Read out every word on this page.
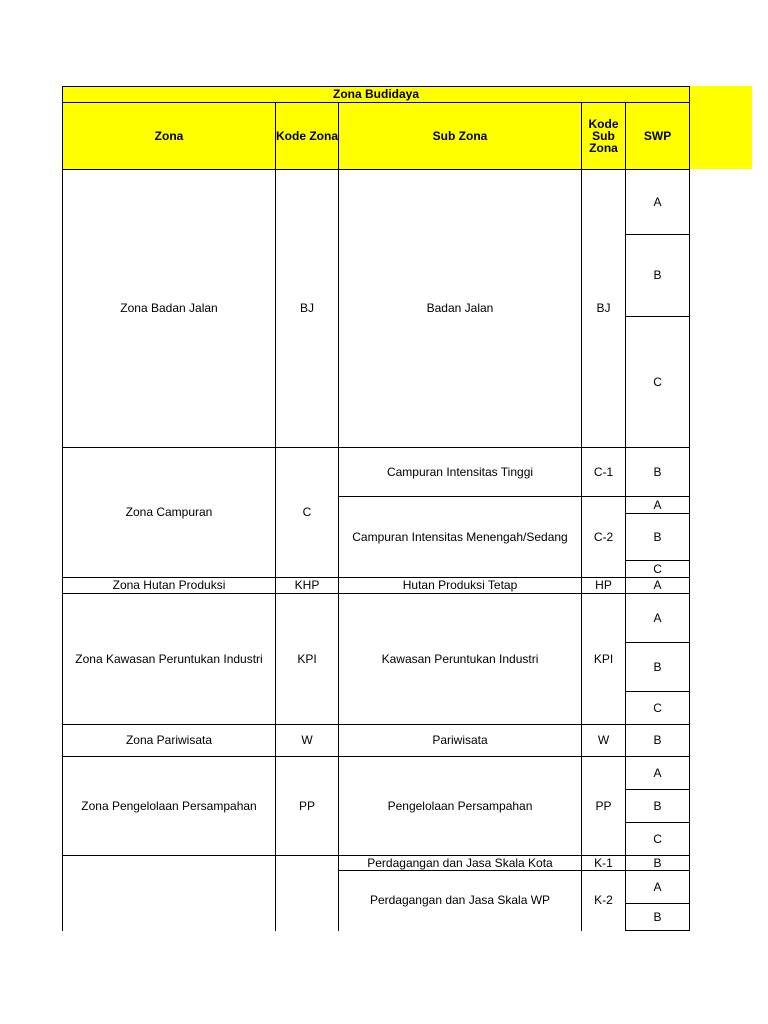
Zona Budidaya				
Zona	Kode Zona	Sub Zona	Kode Sub Zona	SWP
Zona Badan Jalan	BJ	Badan Jalan	BJ	A
				B
				C
Zona Campuran	C	Campuran Intensitas Tinggi	C-1	B
		Campuran Intensitas Menengah/Sedang	C-2	A
				B
				C
Zona Hutan Produksi	KHP	Hutan Produksi Tetap	HP	A
Zona Kawasan Peruntukan Industri	KPI	Kawasan Peruntukan Industri	KPI	A
				B
				C
Zona Pariwisata	W	Pariwisata	W	B
Zona Pengelolaan Persampahan	PP	Pengelolaan Persampahan	PP	A
				B
				C
		Perdagangan dan Jasa Skala Kota	K-1	B
		Perdagangan dan Jasa Skala WP	K-2	A
				B
